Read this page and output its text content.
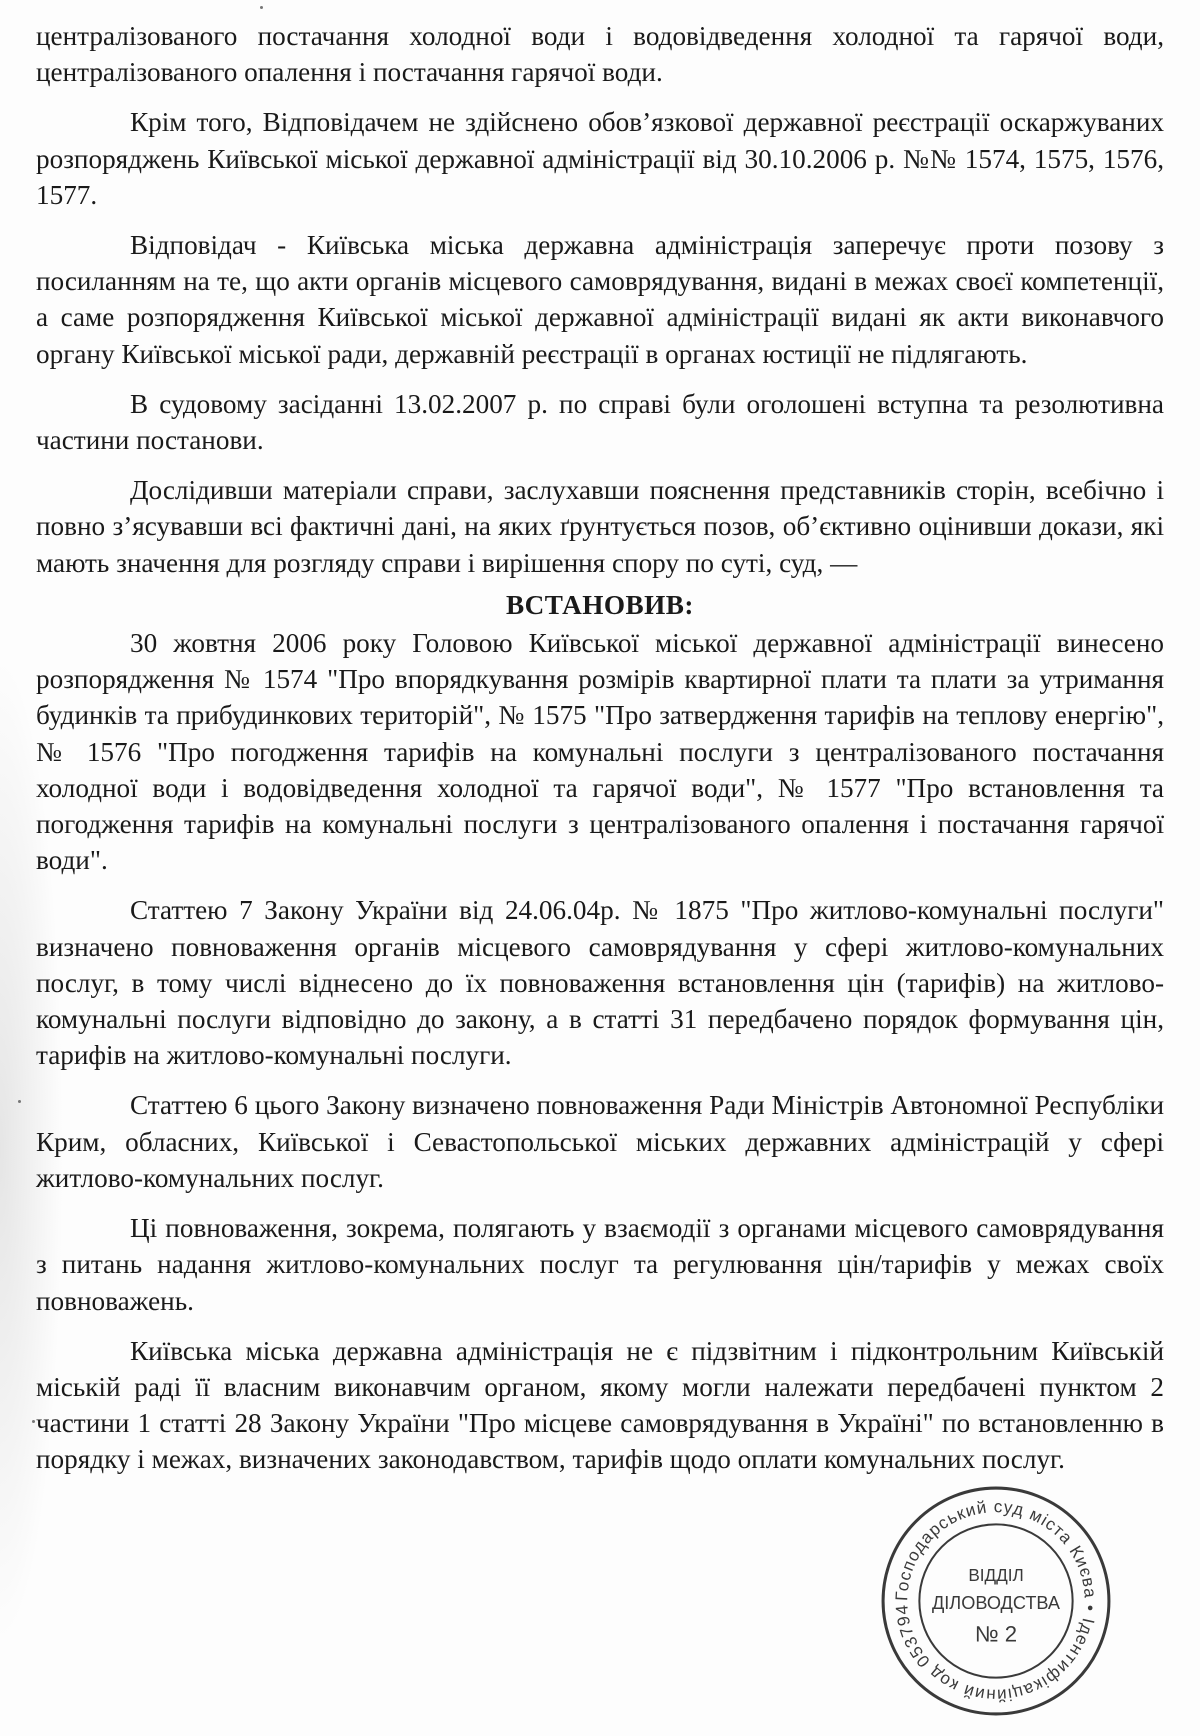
централізованого постачання холодної води і водовідведення холодної та гарячої води, централізованого опалення і постачання гарячої води.

Крім того, Відповідачем не здійснено обов’язкової державної реєстрації оскаржуваних розпоряджень Київської міської державної адміністрації від 30.10.2006 р. №№ 1574, 1575, 1576, 1577.

Відповідач - Київська міська державна адміністрація заперечує проти позову з посиланням на те, що акти органів місцевого самоврядування, видані в межах своєї компетенції, а саме розпорядження Київської міської державної адміністрації видані як акти виконавчого органу Київської міської ради, державній реєстрації в органах юстиції не підлягають.

В судовому засіданні 13.02.2007 р. по справі були оголошені вступна та резолютивна частини постанови.

Дослідивши матеріали справи, заслухавши пояснення представників сторін, всебічно і повно з’ясувавши всі фактичні дані, на яких ґрунтується позов, об’єктивно оцінивши докази, які мають значення для розгляду справи і вирішення спору по суті, суд, —

ВСТАНОВИВ:

30 жовтня 2006 року Головою Київської міської державної адміністрації винесено розпорядження № 1574 "Про впорядкування розмірів квартирної плати та плати за утримання будинків та прибудинкових територій", № 1575 "Про затвердження тарифів на теплову енергію", № 1576 "Про погодження тарифів на комунальні послуги з централізованого постачання холодної води і водовідведення холодної та гарячої води", № 1577 "Про встановлення та погодження тарифів на комунальні послуги з централізованого опалення і постачання гарячої води".

Статтею 7 Закону України від 24.06.04р. № 1875 "Про житлово-комунальні послуги" визначено повноваження органів місцевого самоврядування у сфері житлово-комунальних послуг, в тому числі віднесено до їх повноваження встановлення цін (тарифів) на житлово-комунальні послуги відповідно до закону, а в статті 31 передбачено порядок формування цін, тарифів на житлово-комунальні послуги.

Статтею 6 цього Закону визначено повноваження Ради Міністрів Автономної Республіки Крим, обласних, Київської і Севастопольської міських державних адміністрацій у сфері житлово-комунальних послуг.

Ці повноваження, зокрема, полягають у взаємодії з органами місцевого самоврядування з питань надання житлово-комунальних послуг та регулювання цін/тарифів у межах своїх повноважень.

Київська міська державна адміністрація не є підзвітним і підконтрольним Київській міській раді її власним виконавчим органом, якому могли належати передбачені пунктом 2 частини 1 статті 28 Закону України "Про місцеве самоврядування в Україні" по встановленню в порядку і межах, визначених законодавством, тарифів щодо оплати комунальних послуг.

Господарський суд міста Києва • Ідентифікаційний код 053794
ВІДДІЛ
ДІЛОВОДСТВА
№ 2
